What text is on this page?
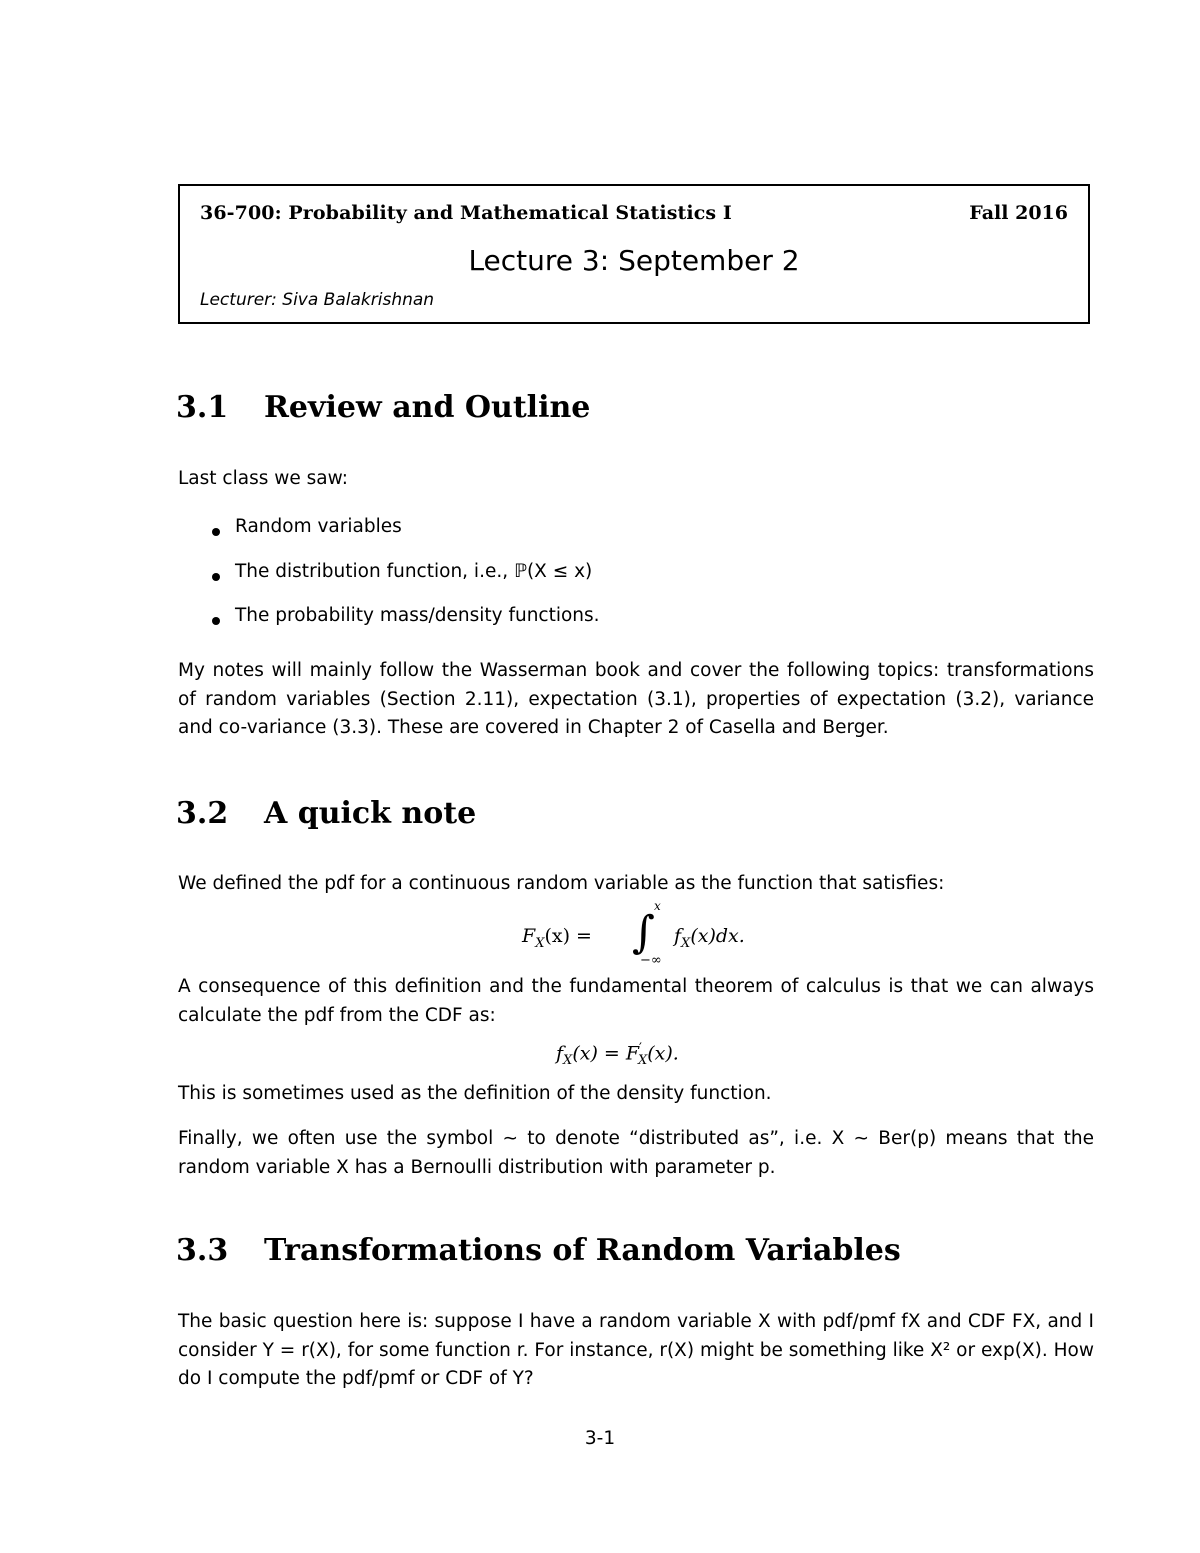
36-700: Probability and Mathematical Statistics I	Fall 2016
Lecture 3: September 2
Lecturer: Siva Balakrishnan
3.1 Review and Outline
Last class we saw:
Random variables
The distribution function, i.e., ℙ(X ≤ x)
The probability mass/density functions.
My notes will mainly follow the Wasserman book and cover the following topics: transformations of random variables (Section 2.11), expectation (3.1), properties of expectation (3.2), variance and co-variance (3.3). These are covered in Chapter 2 of Casella and Berger.
3.2 A quick note
We defined the pdf for a continuous random variable as the function that satisfies:
$F_X(x)$ = ∫
x
−∞
$f_X(x)dx$.
A consequence of this definition and the fundamental theorem of calculus is that we can always calculate the pdf from the CDF as:
$f_X(x) = F'_X(x)$.
This is sometimes used as the definition of the density function.
Finally, we often use the symbol ∼ to denote “distributed as”, i.e. X ∼ Ber(p) means that the random variable X has a Bernoulli distribution with parameter p.
3.3 Transformations of Random Variables
The basic question here is: suppose I have a random variable X with pdf/pmf fX and CDF FX, and I consider Y = r(X), for some function r. For instance, r(X) might be something like X² or exp(X). How do I compute the pdf/pmf or CDF of Y?
3-1
